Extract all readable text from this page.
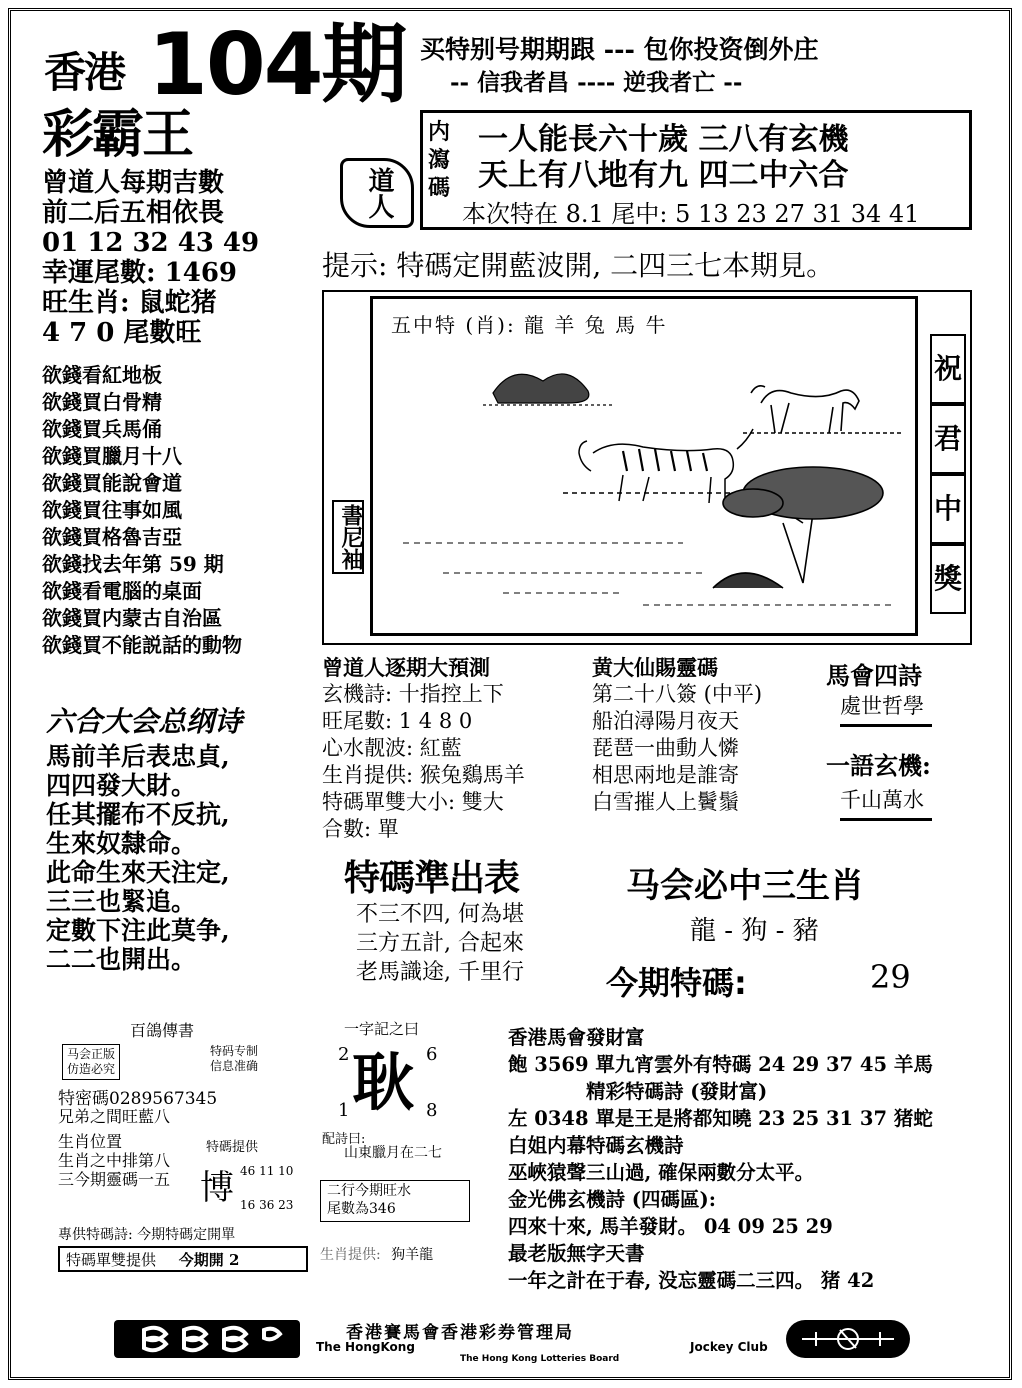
香港 104期
彩霸王
买特别号期期跟 --- 包你投资倒外庄
-- 信我者昌 ---- 逆我者亡 --
内
瀉
碼
一人能長六十歲 三八有玄機
天上有八地有九 四二中六合
本次特在 8.1 尾中: 5 13 23 27 31 34 41
道人
曾道人每期吉數
前二后五相依畏
01 12 32 43 49
幸運尾數: 1469
旺生肖: 鼠蛇猪
4 7 0 尾數旺
提示: 特碼定開藍波開, 二四三七本期見。
欲錢看紅地板
欲錢買白骨精
欲錢買兵馬俑
欲錢買臘月十八
欲錢買能說會道
欲錢買往事如風
欲錢買格魯吉亞
欲錢找去年第 59 期
欲錢看電腦的桌面
欲錢買内蒙古自治區
欲錢買不能説話的動物
五中特 (肖): 龍 羊 兔 馬 牛
書尼袖
祝 君 中 獎
曾道人逐期大預測
玄機詩: 十指控上下
旺尾數: 1 4 8 0
心水靓波: 紅藍
生肖提供: 猴兔鷄馬羊
特碼單雙大小: 雙大
合數: 單
黄大仙賜靈碼
第二十八簽 (中平)
船泊潯陽月夜天
琵琶一曲動人憐
相思兩地是誰寄
白雪摧人上鬢鬚
馬會四詩
處世哲學
一語玄機:
千山萬水
六合大会总纲诗
馬前羊后表忠貞,
四四發大財。
任其擺布不反抗,
生來奴隸命。
此命生來天注定,
三三也緊追。
定數下注此莫争,
二二也開出。
特碼準出表
不三不四, 何為堪
三方五計, 合起來
老馬識途, 千里行
马会必中三生肖
龍 - 狗 - 豬
今期特碼:	29
百鴿傳書
马会正版
仿造必究
特码专制
信息准确
特密碼0289567345
兄弟之間旺藍八
生肖位置
生肖之中排第八
三今期靈碼一五
特碼提供
博 46 11 10
16 36 23
專供特碼詩: 今期特碼定開單
特碼單雙提供 今期開 2
一字記之曰
2	6
耿
1	8
配詩曰:
山東臘月在二七
二行今期旺水
尾數為346
生肖提供: 狗羊龍
香港馬會發財富
飽 3569 單九宵雲外有特碼 24 29 37 45 羊馬
精彩特碼詩 (發財富)
左 0348 單是王是將都知曉 23 25 31 37 猪蛇
白姐内幕特碼玄機詩
巫峽猿聲三山過, 確保兩數分太平。
金光佛玄機詩 (四碼區):
四來十來, 馬羊發財。 04 09 25 29
最老版無字天書
一年之計在于春, 没忘靈碼二三四。 猪 42
香港賽馬會香港彩券管理局
The HongKong	Jockey Club
The Hong Kong Lotteries Board
